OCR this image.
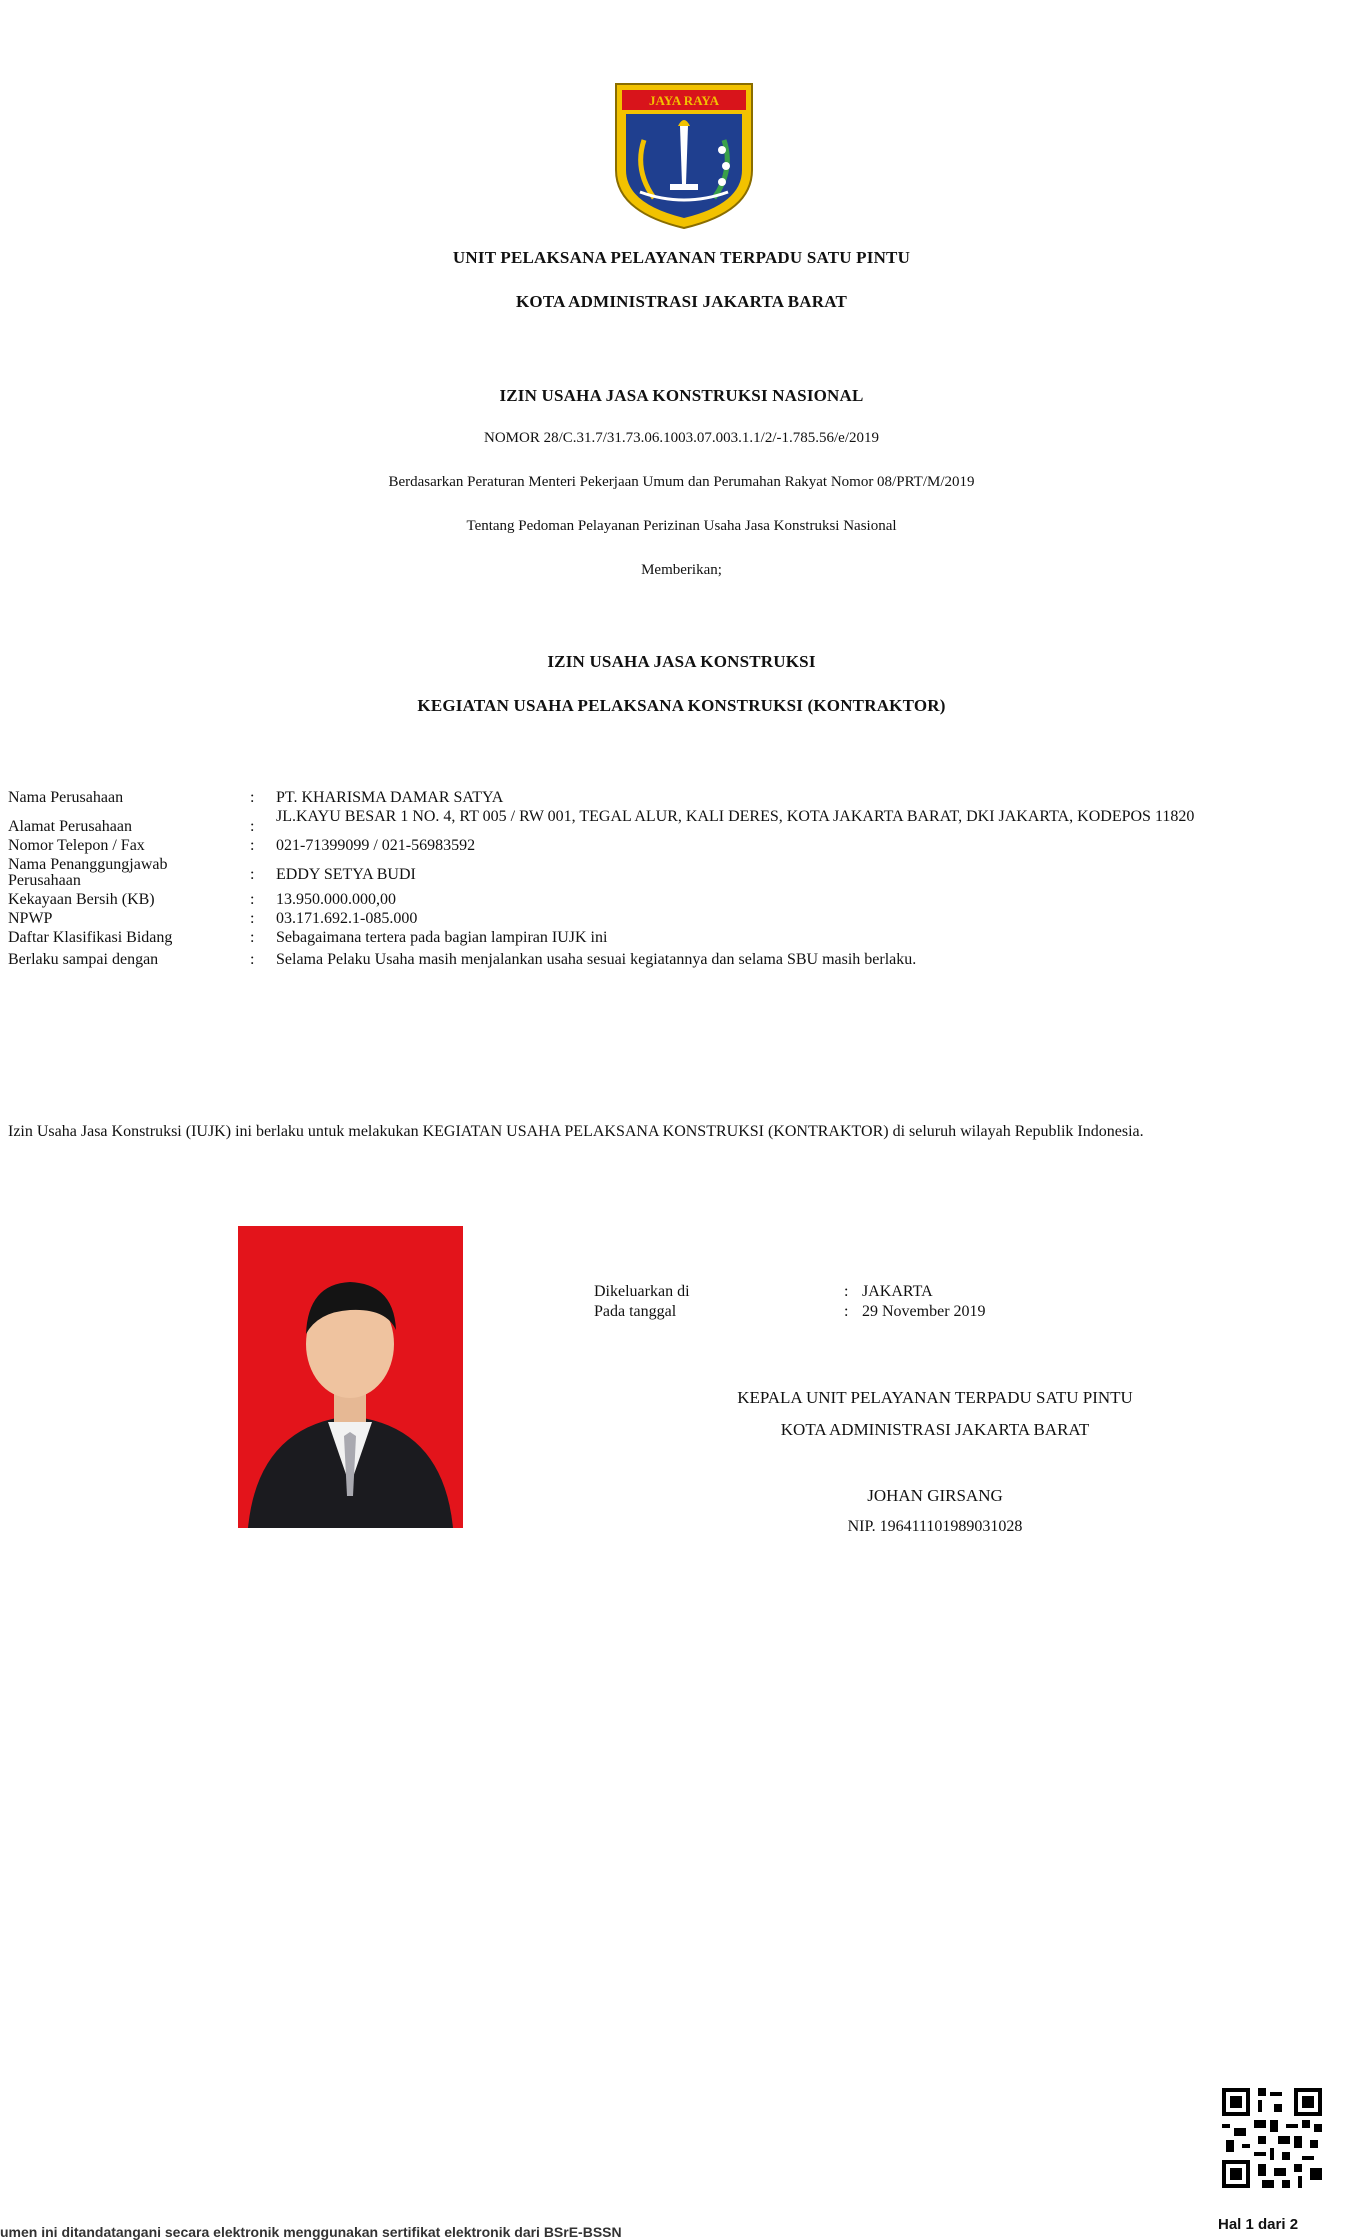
JAYA RAYA
UNIT PELAKSANA PELAYANAN TERPADU SATU PINTU
KOTA ADMINISTRASI JAKARTA BARAT
IZIN USAHA JASA KONSTRUKSI NASIONAL
NOMOR 28/C.31.7/31.73.06.1003.07.003.1.1/2/-1.785.56/e/2019
Berdasarkan Peraturan Menteri Pekerjaan Umum dan Perumahan Rakyat Nomor 08/PRT/M/2019
Tentang Pedoman Pelayanan Perizinan Usaha Jasa Konstruksi Nasional
Memberikan;
IZIN USAHA JASA KONSTRUKSI
KEGIATAN USAHA PELAKSANA KONSTRUKSI (KONTRAKTOR)
Nama Perusahaan	:	PT. KHARISMA DAMAR SATYA
Alamat Perusahaan	:
JL.KAYU BESAR 1 NO. 4, RT 005 / RW 001, TEGAL ALUR, KALI DERES, KOTA JAKARTA BARAT, DKI JAKARTA, KODEPOS 11820
Nomor Telepon / Fax	:	021-71399099 / 021-56983592
Nama Penanggungjawab Perusahaan	:	EDDY SETYA BUDI
Kekayaan Bersih (KB)	:	13.950.000.000,00
NPWP	:	03.171.692.1-085.000
Daftar Klasifikasi Bidang	:	Sebagaimana tertera pada bagian lampiran IUJK ini
Berlaku sampai dengan	:	Selama Pelaku Usaha masih menjalankan usaha sesuai kegiatannya dan selama SBU masih berlaku.
Izin Usaha Jasa Konstruksi (IUJK) ini berlaku untuk melakukan KEGIATAN USAHA PELAKSANA KONSTRUKSI (KONTRAKTOR) di seluruh wilayah Republik Indonesia.
Dikeluarkan di	: JAKARTA
Pada tanggal	: 29 November 2019
KEPALA UNIT PELAYANAN TERPADU SATU PINTU
KOTA ADMINISTRASI JAKARTA BARAT
JOHAN GIRSANG
NIP. 196411101989031028
Hal 1 dari 2
umen ini ditandatangani secara elektronik menggunakan sertifikat elektronik dari BSrE-BSSN
